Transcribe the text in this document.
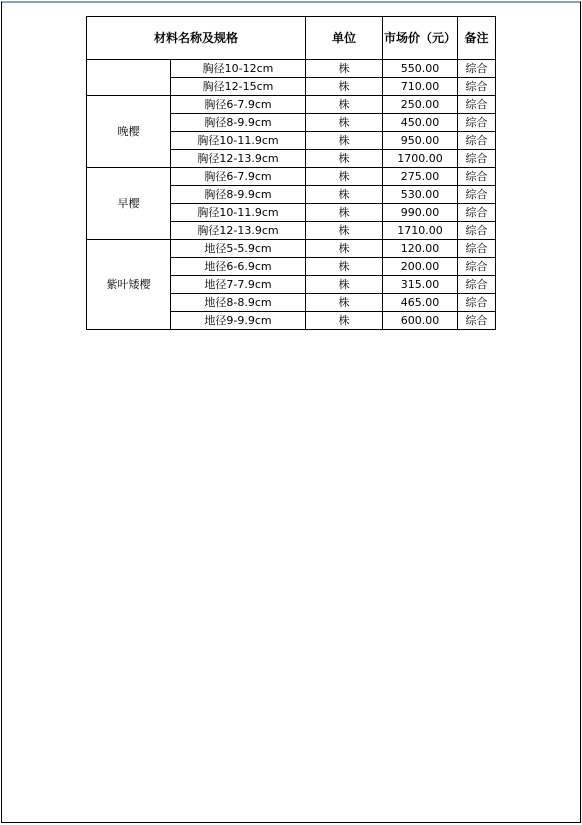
材料名称及规格		单位	市场价（元）	备注
	胸径10-12cm	株	550.00	综合
	胸径12-15cm	株	710.00	综合
晚樱	胸径6-7.9cm	株	250.00	综合
	胸径8-9.9cm	株	450.00	综合
	胸径10-11.9cm	株	950.00	综合
	胸径12-13.9cm	株	1700.00	综合
早樱	胸径6-7.9cm	株	275.00	综合
	胸径8-9.9cm	株	530.00	综合
	胸径10-11.9cm	株	990.00	综合
	胸径12-13.9cm	株	1710.00	综合
紫叶矮樱	地径5-5.9cm	株	120.00	综合
	地径6-6.9cm	株	200.00	综合
	地径7-7.9cm	株	315.00	综合
	地径8-8.9cm	株	465.00	综合
	地径9-9.9cm	株	600.00	综合
